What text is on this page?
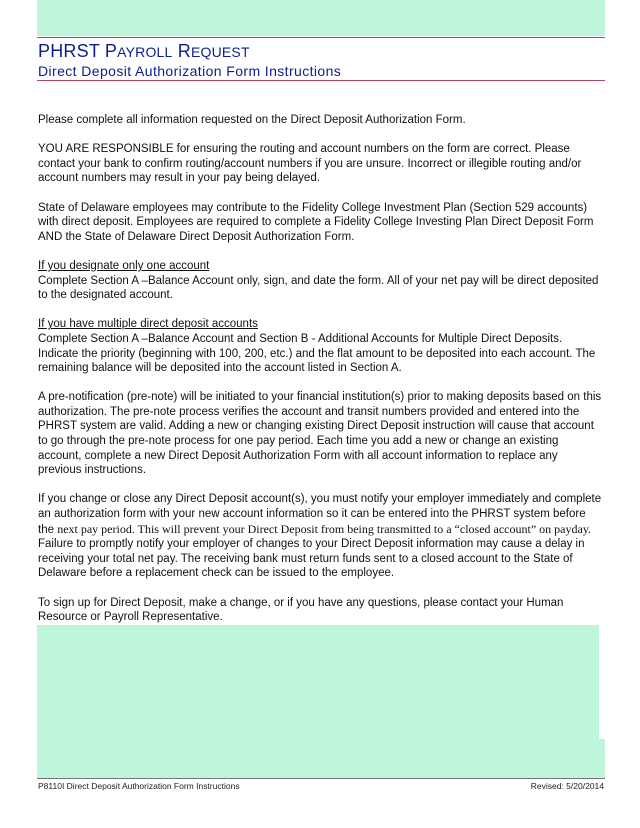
PHRST PAYROLL REQUEST

Direct Deposit Authorization Form Instructions

Please complete all information requested on the Direct Deposit Authorization Form.

YOU ARE RESPONSIBLE for ensuring the routing and account numbers on the form are correct. Please contact your bank to confirm routing/account numbers if you are unsure. Incorrect or illegible routing and/or account numbers may result in your pay being delayed.

State of Delaware employees may contribute to the Fidelity College Investment Plan (Section 529 accounts) with direct deposit. Employees are required to complete a Fidelity College Investing Plan Direct Deposit Form AND the State of Delaware Direct Deposit Authorization Form.

If you designate only one account

Complete Section A –Balance Account only, sign, and date the form. All of your net pay will be direct deposited to the designated account.

If you have multiple direct deposit accounts

Complete Section A –Balance Account and Section B - Additional Accounts for Multiple Direct Deposits. Indicate the priority (beginning with 100, 200, etc.) and the flat amount to be deposited into each account. The remaining balance will be deposited into the account listed in Section A.

A pre-notification (pre-note) will be initiated to your financial institution(s) prior to making deposits based on this authorization. The pre-note process verifies the account and transit numbers provided and entered into the PHRST system are valid. Adding a new or changing existing Direct Deposit instruction will cause that account to go through the pre-note process for one pay period. Each time you add a new or change an existing account, complete a new Direct Deposit Authorization Form with all account information to replace any previous instructions.

If you change or close any Direct Deposit account(s), you must notify your employer immediately and complete an authorization form with your new account information so it can be entered into the PHRST system before the next pay period. This will prevent your Direct Deposit from being transmitted to a “closed account” on payday. Failure to promptly notify your employer of changes to your Direct Deposit information may cause a delay in receiving your total net pay. The receiving bank must return funds sent to a closed account to the State of Delaware before a replacement check can be issued to the employee.

To sign up for Direct Deposit, make a change, or if you have any questions, please contact your Human Resource or Payroll Representative.

P8110I Direct Deposit Authorization Form Instructions	Revised: 5/20/2014
